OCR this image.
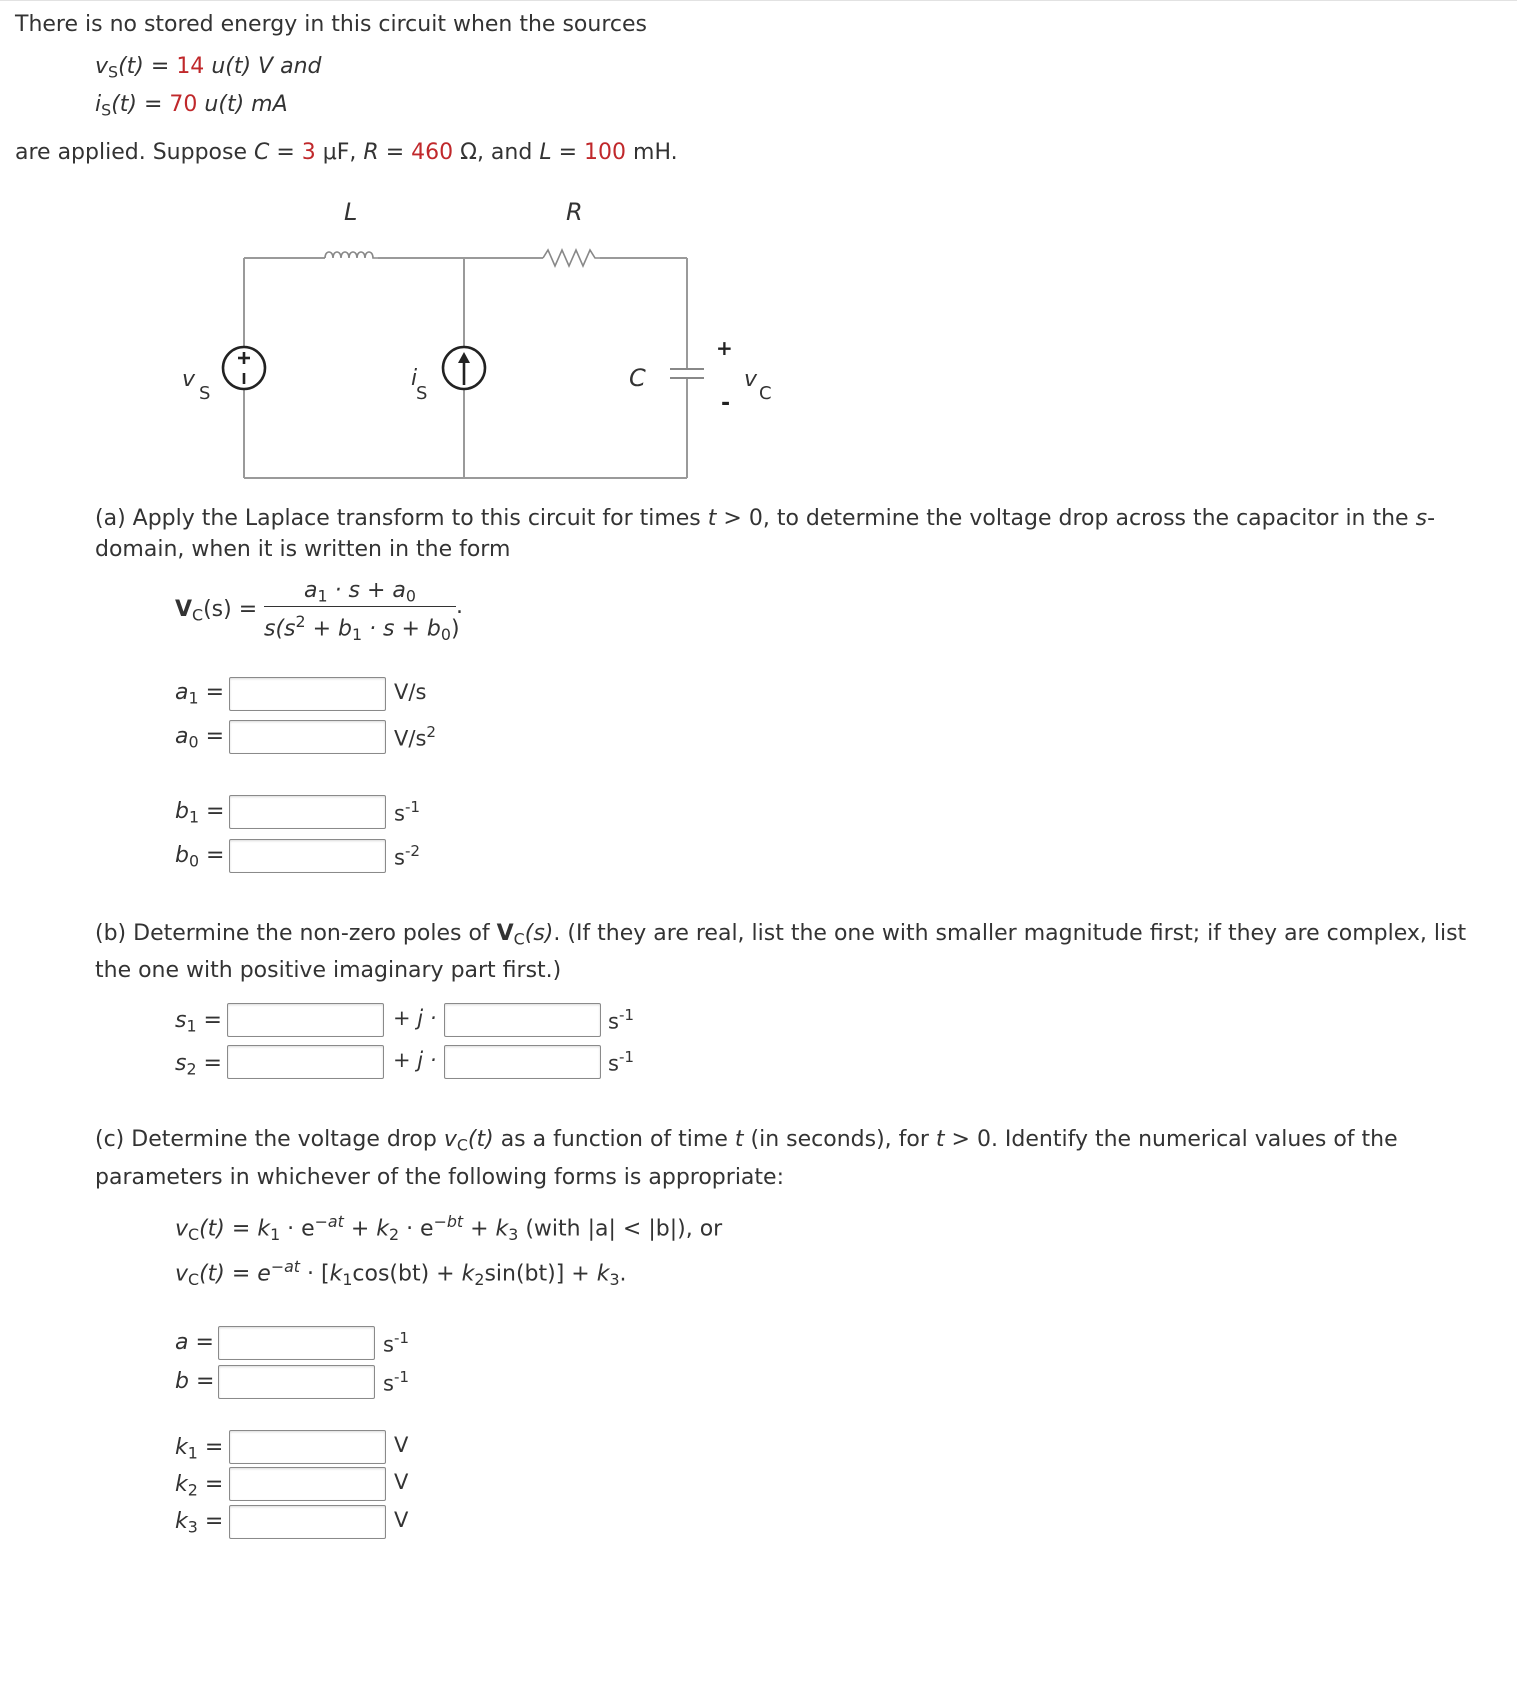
There is no stored energy in this circuit when the sources
$v_S(t) = 14$ u(t) V and
$i_S(t) = 70$ u(t) mA
are applied. Suppose C = 3 μF, R = 460 Ω, and L = 100 mH.
L	R
v
S
i
S
C
+
-
v
C
(a) Apply the Laplace transform to this circuit for times t > 0, to determine the voltage drop across the capacitor in the s-
domain, when it is written in the form
$V_C(s)$ =
$a_1 \cdot s + a_0$
$s(s^2 + b_1 \cdot s + b_0)$
.
$a_1$ =	V/s
$a_0$ =	$V/s^2$
$b_1$ =	$s^{-1}$
$b_0$ =	$s^{-2}$
(b) Determine the non-zero poles of $V_C(s)$. (If they are real, list the one with smaller magnitude first; if they are complex, list
the one with positive imaginary part first.)
$s_1$ =	+ j ·	$s^{-1}$
$s_2$ =	+ j ·	$s^{-1}$
(c) Determine the voltage drop $v_C(t)$ as a function of time t (in seconds), for t > 0. Identify the numerical values of the
parameters in whichever of the following forms is appropriate:
$v_C(t) = k_1 \cdot e^{-at} + k_2 \cdot e^{-bt} + k_3$ (with |a| < |b|), or
$v_C(t) = e^{-at} \cdot [k_1\cos(bt) + k_2\sin(bt)] + k_3$.
a =	$s^{-1}$
b =	$s^{-1}$
$k_1$ =	V
$k_2$ =	V
$k_3$ =	V
